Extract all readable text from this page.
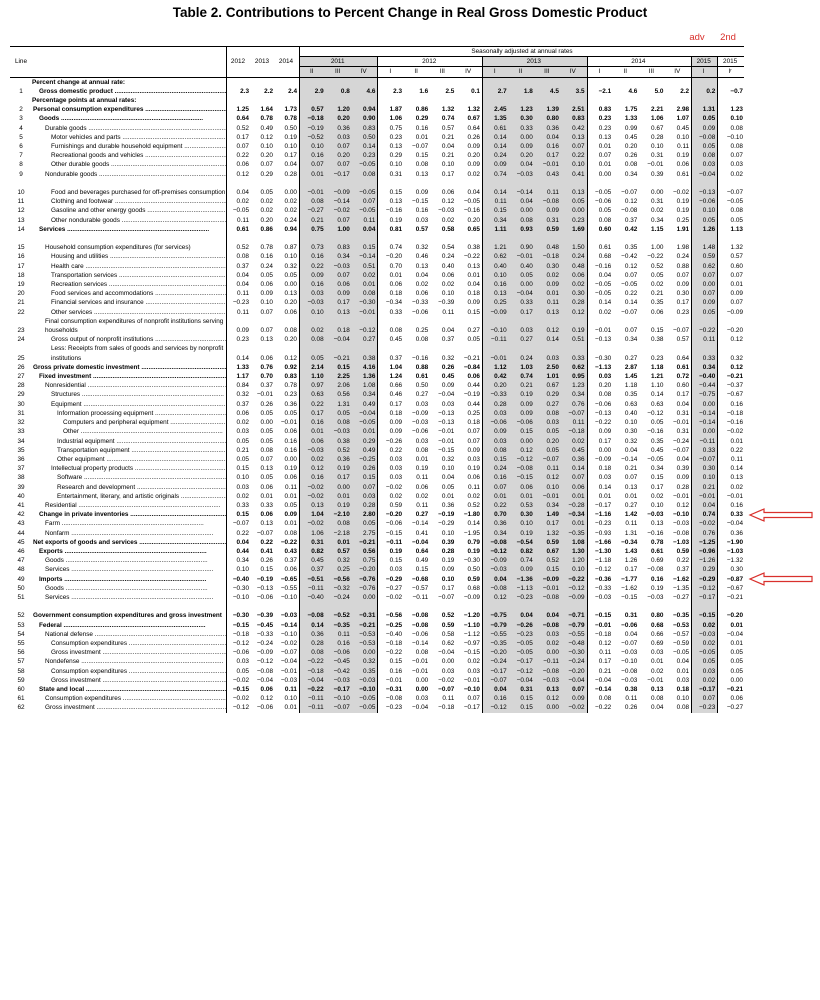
Table 2. Contributions to Percent Change in Real Gross Domestic Product
adv	2nd
Line		2012	2013	2014	Seasonally adjusted at annual rates																
					2011			2012				2013				2014				2015	2015
					II	III	IV	I	II	III	IV	I	II	III	IV	I	II	III	IV	I	Iʳ
	Percent change at annual rate:																				
1	Gross domestic product .....	2.3	2.2	2.4	2.9	0.8	4.6	2.3	1.6	2.5	0.1	2.7	1.8	4.5	3.5	−2.1	4.6	5.0	2.2	0.2	−0.7
	Percentage points at annual rates:																				
2	Personal consumption expenditures .....	1.25	1.64	1.73	0.57	1.20	0.94	1.87	0.86	1.32	1.32	2.45	1.23	1.39	2.51	0.83	1.75	2.21	2.98	1.31	1.23
3	Goods .....	0.64	0.78	0.78	−0.18	0.20	0.90	1.06	0.29	0.74	0.67	1.35	0.30	0.80	0.83	0.23	1.33	1.06	1.07	0.05	0.10
4	Durable goods .....	0.52	0.49	0.50	−0.19	0.36	0.83	0.75	0.16	0.57	0.64	0.61	0.33	0.36	0.42	0.23	0.99	0.67	0.45	0.09	0.08
5	Motor vehicles and parts .....	0.17	0.12	0.19	−0.52	0.03	0.50	0.23	0.01	0.21	0.26	0.14	0.00	0.04	0.13	0.13	0.45	0.28	0.10	−0.08	−0.10
6	Furnishings and durable household equipment .....	0.07	0.10	0.10	0.10	0.07	0.14	0.13	−0.07	0.04	0.09	0.14	0.09	0.16	0.07	0.01	0.20	0.10	0.11	0.05	0.08
7	Recreational goods and vehicles .....	0.22	0.20	0.17	0.16	0.20	0.23	0.29	0.15	0.21	0.20	0.24	0.20	0.17	0.22	0.07	0.26	0.31	0.19	0.08	0.07
8	Other durable goods .....	0.06	0.07	0.04	0.07	0.07	−0.05	0.10	0.08	0.10	0.09	0.09	0.04	−0.01	0.10	0.01	0.08	−0.01	0.06	0.03	0.03
9	Nondurable goods .....	0.12	0.29	0.28	0.01	−0.17	0.08	0.31	0.13	0.17	0.02	0.74	−0.03	0.43	0.41	0.00	0.34	0.39	0.61	−0.04	0.02
10	Food and beverages purchased for off-premises consumption	0.04	0.05	0.00	−0.01	−0.09	−0.05	0.15	0.09	0.06	0.04	0.14	−0.14	0.11	0.13	−0.05	−0.07	0.00	−0.02	−0.13	−0.07
11	Clothing and footwear .....	0.02	0.02	0.02	0.08	−0.14	0.07	0.13	−0.15	0.12	−0.05	0.11	0.04	−0.08	0.05	−0.06	0.12	0.31	0.19	−0.06	−0.05
12	Gasoline and other energy goods .....	−0.05	0.02	0.02	−0.27	−0.02	−0.05	−0.16	0.16	−0.03	−0.16	0.15	0.00	0.09	0.00	0.05	−0.08	0.02	0.19	0.10	0.08
13	Other nondurable goods .....	0.11	0.20	0.24	0.21	0.07	0.11	0.19	0.03	0.02	0.20	0.34	0.08	0.31	0.23	0.08	0.37	0.34	0.25	0.05	0.05
14	Services .....	0.61	0.86	0.94	0.75	1.00	0.04	0.81	0.57	0.58	0.65	1.11	0.93	0.59	1.69	0.60	0.42	1.15	1.91	1.26	1.13
15	Household consumption expenditures (for services)	0.52	0.78	0.87	0.73	0.83	0.15	0.74	0.32	0.54	0.38	1.21	0.90	0.48	1.50	0.61	0.35	1.00	1.98	1.48	1.32
16	Housing and utilities .....	0.08	0.16	0.10	0.16	0.34	−0.14	−0.20	0.46	0.24	−0.22	0.62	−0.01	−0.18	0.24	0.68	−0.42	−0.22	0.24	0.59	0.57
17	Health care .....	0.37	0.24	0.32	0.22	−0.03	0.51	0.70	0.13	0.40	0.13	0.40	0.40	0.30	0.48	−0.16	0.12	0.52	0.88	0.62	0.60
18	Transportation services .....	0.04	0.05	0.05	0.09	0.07	0.02	0.01	0.04	0.06	0.01	0.10	0.05	0.02	0.06	0.04	0.07	0.05	0.07	0.07	0.07
19	Recreation services .....	0.04	0.06	0.00	0.16	0.06	0.01	0.06	0.02	0.02	0.04	0.16	0.00	0.09	0.02	−0.05	−0.05	0.02	0.09	0.00	0.01
20	Food services and accommodations .....	0.11	0.09	0.13	0.03	0.09	0.08	0.18	0.06	0.10	0.18	0.13	−0.04	0.01	0.30	−0.05	0.22	0.21	0.30	0.07	0.09
21	Financial services and insurance .....	−0.23	0.10	0.20	−0.03	0.17	−0.30	−0.34	−0.33	−0.39	0.09	0.25	0.33	0.11	0.28	0.14	0.14	0.35	0.17	0.09	0.07
22	Other services .....	0.11	0.07	0.06	0.10	0.13	−0.01	0.33	−0.06	0.11	0.15	−0.09	0.17	0.13	0.12	0.02	−0.07	0.06	0.23	0.05	−0.09
23	Final consumption expenditures of nonprofit institutions serving households	0.09	0.07	0.08	0.02	0.18	−0.12	0.08	0.25	0.04	0.27	−0.10	0.03	0.12	0.19	−0.01	0.07	0.15	−0.07	−0.22	−0.20
24	Gross output of nonprofit institutions .....	0.23	0.13	0.20	0.08	−0.04	0.27	0.45	0.08	0.37	0.05	−0.11	0.27	0.14	0.51	−0.13	0.34	0.38	0.57	0.11	0.12
25	Less: Receipts from sales of goods and services by nonprofit institutions	0.14	0.06	0.12	0.05	−0.21	0.38	0.37	−0.16	0.32	−0.21	−0.01	0.24	0.03	0.33	−0.30	0.27	0.23	0.64	0.33	0.32
26	Gross private domestic investment .....	1.33	0.76	0.92	2.14	0.15	4.16	1.04	0.88	0.26	−0.84	1.12	1.03	2.50	0.62	−1.13	2.87	1.18	0.61	0.34	0.12
27	Fixed investment .....	1.17	0.70	0.83	1.10	2.25	1.36	1.24	0.61	0.45	0.06	0.42	0.74	1.01	0.95	0.03	1.45	1.21	0.72	−0.40	−0.21
28	Nonresidential .....	0.84	0.37	0.78	0.97	2.06	1.08	0.66	0.50	0.09	0.44	0.20	0.21	0.67	1.23	0.20	1.18	1.10	0.60	−0.44	−0.37
29	Structures .....	0.32	−0.01	0.23	0.63	0.56	0.34	0.46	0.27	−0.04	−0.19	−0.33	0.19	0.29	0.34	0.08	0.35	0.14	0.17	−0.75	−0.67
30	Equipment .....	0.37	0.26	0.36	0.22	1.31	0.49	0.17	0.03	0.03	0.44	0.28	0.09	0.27	0.76	−0.06	0.63	0.63	0.04	0.00	0.16
31	Information processing equipment .....	0.06	0.05	0.05	0.17	0.05	−0.04	0.18	−0.09	−0.13	0.25	0.03	0.09	0.08	−0.07	−0.13	0.40	−0.12	0.31	−0.14	−0.18
32	Computers and peripheral equipment .....	0.02	0.00	−0.01	0.16	0.08	−0.05	0.09	−0.03	−0.13	0.18	−0.06	−0.06	0.03	0.11	−0.22	0.10	0.05	−0.01	−0.14	−0.16
33	Other .....	0.03	0.05	0.06	0.01	−0.03	0.01	0.09	−0.06	−0.01	0.07	0.09	0.15	0.05	−0.18	0.09	0.30	−0.16	0.31	0.00	−0.02
34	Industrial equipment .....	0.05	0.05	0.16	0.06	0.38	0.29	−0.26	0.03	−0.01	0.07	0.03	0.00	0.20	0.02	0.17	0.32	0.35	−0.24	−0.11	0.01
35	Transportation equipment .....	0.21	0.08	0.16	−0.03	0.52	0.49	0.22	0.08	−0.15	0.09	0.08	0.12	0.05	0.45	0.00	0.04	0.45	−0.07	0.33	0.22
36	Other equipment .....	0.05	0.07	0.00	0.02	0.36	−0.25	0.03	0.01	0.32	0.03	0.15	−0.12	−0.07	0.36	−0.09	−0.14	−0.05	0.04	−0.07	0.11
37	Intellectual property products .....	0.15	0.13	0.19	0.12	0.19	0.26	0.03	0.19	0.10	0.19	0.24	−0.08	0.11	0.14	0.18	0.21	0.34	0.39	0.30	0.14
38	Software .....	0.10	0.05	0.06	0.16	0.17	0.15	0.03	0.11	0.04	0.06	0.16	−0.15	0.12	0.07	0.03	0.07	0.15	0.09	0.10	0.13
39	Research and development .....	0.03	0.06	0.11	−0.02	0.00	0.07	−0.02	0.06	0.05	0.11	0.07	0.06	0.10	0.06	0.14	0.13	0.17	0.28	0.21	0.02
40	Entertainment, literary, and artistic originals .....	0.02	0.01	0.01	−0.02	0.01	0.03	0.02	0.02	0.01	0.02	0.01	0.01	−0.01	0.01	0.01	0.01	0.02	−0.01	−0.01	−0.01
41	Residential .....	0.33	0.33	0.05	0.13	0.19	0.28	0.59	0.11	0.36	0.52	0.22	0.53	0.34	−0.28	−0.17	0.27	0.10	0.12	0.04	0.16
42	Change in private inventories .....	0.15	0.06	0.09	1.04	−2.10	2.80	−0.20	0.27	−0.19	−1.80	0.70	0.30	1.49	−0.34	−1.16	1.42	−0.03	−0.10	0.74	0.33
43	Farm .....	−0.07	0.13	0.01	−0.02	0.08	0.05	−0.06	−0.14	−0.29	0.14	0.36	0.10	0.17	0.01	−0.23	0.11	0.13	−0.03	−0.02	−0.04
44	Nonfarm .....	0.22	−0.07	0.08	1.06	−2.18	2.75	−0.15	0.41	0.10	−1.95	0.34	0.19	1.32	−0.35	−0.93	1.31	−0.16	−0.08	0.76	0.36
45	Net exports of goods and services .....	0.04	0.22	−0.22	0.31	0.01	−0.21	−0.11	−0.04	0.39	0.79	−0.08	−0.54	0.59	1.08	−1.66	−0.34	0.78	−1.03	−1.25	−1.90
46	Exports .....	0.44	0.41	0.43	0.82	0.57	0.56	0.19	0.64	0.28	0.19	−0.12	0.82	0.67	1.30	−1.30	1.43	0.61	0.59	−0.96	−1.03
47	Goods .....	0.34	0.26	0.37	0.45	0.32	0.75	0.15	0.49	0.19	−0.30	−0.09	0.74	0.52	1.20	−1.18	1.26	0.69	0.22	−1.26	−1.32
48	Services .....	0.10	0.15	0.06	0.37	0.25	−0.20	0.03	0.15	0.09	0.50	−0.03	0.09	0.15	0.10	−0.12	0.17	−0.08	0.37	0.29	0.30
49	Imports .....	−0.40	−0.19	−0.65	−0.51	−0.56	−0.76	−0.29	−0.68	0.10	0.59	0.04	−1.36	−0.09	−0.22	−0.36	−1.77	0.16	−1.62	−0.29	−0.87
50	Goods .....	−0.30	−0.13	−0.55	−0.11	−0.32	−0.76	−0.27	−0.57	0.17	0.68	−0.08	−1.13	−0.01	−0.12	−0.33	−1.62	0.19	−1.35	−0.12	−0.67
51	Services .....	−0.10	−0.06	−0.10	−0.40	−0.24	0.00	−0.02	−0.11	−0.07	−0.09	0.12	−0.23	−0.08	−0.09	−0.03	−0.15	−0.03	−0.27	−0.17	−0.21
52	Government consumption expenditures and gross investment	−0.30	−0.39	−0.03	−0.08	−0.52	−0.31	−0.56	−0.08	0.52	−1.20	−0.75	0.04	0.04	−0.71	−0.15	0.31	0.80	−0.35	−0.15	−0.20
53	Federal .....	−0.15	−0.45	−0.14	0.14	−0.35	−0.21	−0.25	−0.08	0.59	−1.10	−0.79	−0.26	−0.08	−0.79	−0.01	−0.06	0.68	−0.53	0.02	0.01
54	National defense .....	−0.18	−0.33	−0.10	0.36	0.11	−0.53	−0.40	−0.06	0.58	−1.12	−0.55	−0.23	0.03	−0.55	−0.18	0.04	0.66	−0.57	−0.03	−0.04
55	Consumption expenditures .....	−0.12	−0.24	−0.02	0.28	0.16	−0.53	−0.18	−0.14	0.62	−0.97	−0.35	−0.05	0.02	−0.48	0.12	−0.07	0.69	−0.59	0.02	0.01
56	Gross investment .....	−0.06	−0.09	−0.07	0.08	−0.06	0.00	−0.22	0.08	−0.04	−0.15	−0.20	−0.05	0.00	−0.30	0.11	−0.03	0.03	−0.05	−0.05	0.05
57	Nondefense .....	0.03	−0.12	−0.04	−0.22	−0.45	0.32	0.15	−0.01	0.00	0.02	−0.24	−0.17	−0.11	−0.24	0.17	−0.10	0.01	0.04	0.05	0.05
58	Consumption expenditures .....	0.05	−0.08	−0.01	−0.18	−0.42	0.35	0.16	−0.01	0.03	0.03	−0.17	−0.12	−0.08	−0.20	0.21	−0.08	0.02	0.01	0.03	0.05
59	Gross investment .....	−0.02	−0.04	−0.03	−0.04	−0.03	−0.03	−0.01	0.00	−0.02	−0.01	−0.07	−0.04	−0.03	−0.04	−0.04	−0.03	−0.01	0.03	0.02	0.00
60	State and local .....	−0.15	0.06	0.11	−0.22	−0.17	−0.10	−0.31	0.00	−0.07	−0.10	0.04	0.31	0.13	0.07	−0.14	0.38	0.13	0.18	−0.17	−0.21
61	Consumption expenditures .....	−0.02	0.12	0.10	−0.11	−0.10	−0.05	−0.08	0.03	0.11	0.07	0.16	0.15	0.12	0.09	0.08	0.11	0.08	0.10	0.07	0.06
62	Gross investment .....	−0.12	−0.06	0.01	−0.11	−0.07	−0.05	−0.23	−0.04	−0.18	−0.17	−0.12	0.15	0.00	−0.02	−0.22	0.26	0.04	0.08	−0.23	−0.27
